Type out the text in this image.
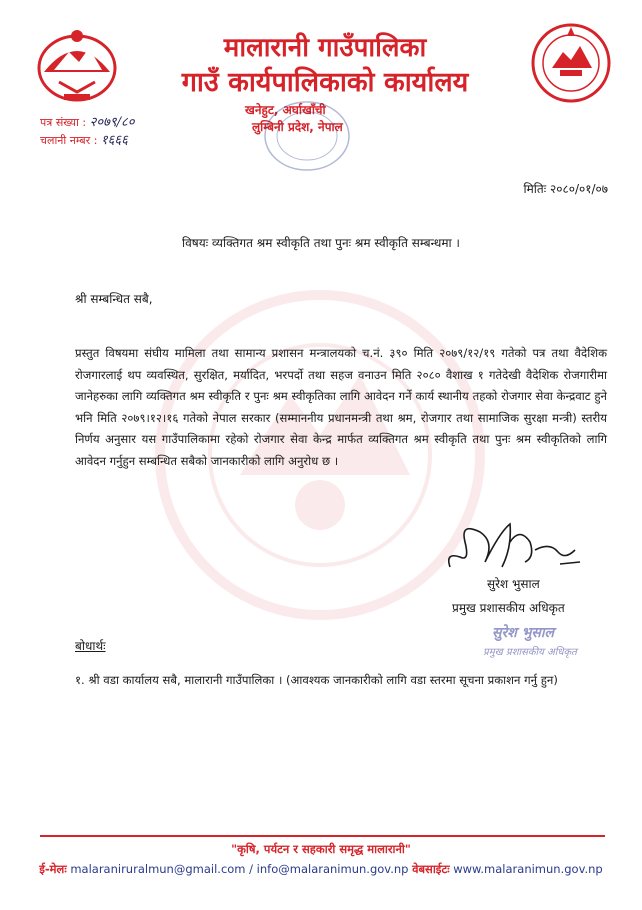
मालारानी गाउँपालिका
गाउँ कार्यपालिकाको कार्यालय
खनेहुट, अर्घाखाँची
लुम्बिनी प्रदेश, नेपाल
पत्र संख्या : २०७९/८०
चलानी नम्बर : १६६६
मितिः २०८०/०१/०७
विषयः व्यक्तिगत श्रम स्वीकृति तथा पुनः श्रम स्वीकृति सम्बन्धमा ।
श्री सम्बन्धित सबै,
प्रस्तुत विषयमा संघीय मामिला तथा सामान्य प्रशासन मन्त्रालयको च.नं. ३९० मिति २०७९/१२/१९ गतेको पत्र तथा वैदेशिक रोजगारलाई थप व्यवस्थित, सुरक्षित, मर्यादित, भरपर्दो तथा सहज वनाउन मिति २०८० वैशाख १ गतेदेखी वैदेशिक रोजगारीमा जानेहरुका लागि व्यक्तिगत श्रम स्वीकृति र पुनः श्रम स्वीकृतिका लागि आवेदन गर्ने कार्य स्थानीय तहको रोजगार सेवा केन्द्रवाट हुने भनि मिति २०७९।१२।१६ गतेको नेपाल सरकार (सम्माननीय प्रधानमन्त्री तथा श्रम, रोजगार तथा सामाजिक सुरक्षा मन्त्री) स्तरीय निर्णय अनुसार यस गाउँपालिकामा रहेको रोजगार सेवा केन्द्र मार्फत व्यक्तिगत श्रम स्वीकृति तथा पुनः श्रम स्वीकृतिको लागि आवेदन गर्नुहुन सम्बन्धित सबैको जानकारीको लागि अनुरोध छ ।
सुरेश भुसाल
प्रमुख प्रशासकीय अधिकृत
सुरेश भुसाल
प्रमुख प्रशासकीय अधिकृत
बोधार्थः
१. श्री वडा कार्यालय सबै, मालारानी गाउँपालिका । (आवश्यक जानकारीको लागि वडा स्तरमा सूचना प्रकाशन गर्नु हुन)
"कृषि, पर्यटन र सहकारी समृद्ध मालारानी"
ई-मेलः malaraniruralmun@gmail.com / info@malaranimun.gov.np वेबसाईटः www.malaranimun.gov.np
